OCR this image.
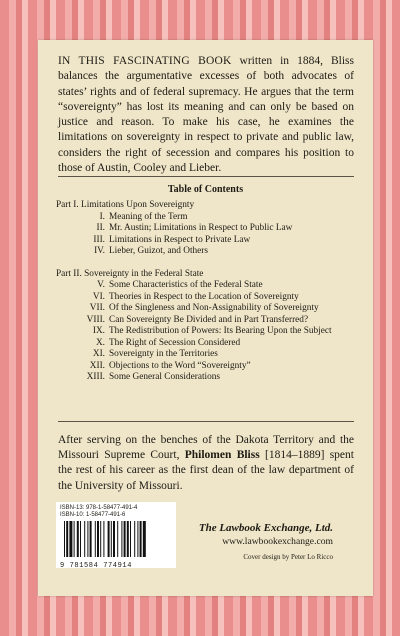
IN THIS FASCINATING BOOK written in 1884, Bliss balances the argumentative excesses of both advocates of states’ rights and of federal supremacy. He argues that the term “sovereignty” has lost its meaning and can only be based on justice and reason. To make his case, he examines the limitations on sovereignty in respect to private and public law, considers the right of secession and compares his position to those of Austin, Cooley and Lieber.

Table of Contents
Part I. Limitations Upon Sovereignty
I. Meaning of the Term
II. Mr. Austin; Limitations in Respect to Public Law
III. Limitations in Respect to Private Law
IV. Lieber, Guizot, and Others
Part II. Sovereignty in the Federal State
V. Some Characteristics of the Federal State
VI. Theories in Respect to the Location of Sovereignty
VII. Of the Singleness and Non-Assignability of Sovereignty
VIII. Can Sovereignty Be Divided and in Part Transferred?
IX. The Redistribution of Powers: Its Bearing Upon the Subject
X. The Right of Secession Considered
XI. Sovereignty in the Territories
XII. Objections to the Word “Sovereignty”
XIII. Some General Considerations

After serving on the benches of the Dakota Territory and the Missouri Supreme Court, Philomen Bliss [1814–1889] spent the rest of his career as the first dean of the law department of the University of Missouri.

ISBN-13: 978-1-58477-491-4
ISBN-10: 1-58477-491-6
9 781584 774914
The Lawbook Exchange, Ltd.
www.lawbookexchange.com
Cover design by Peter Lo Ricco
